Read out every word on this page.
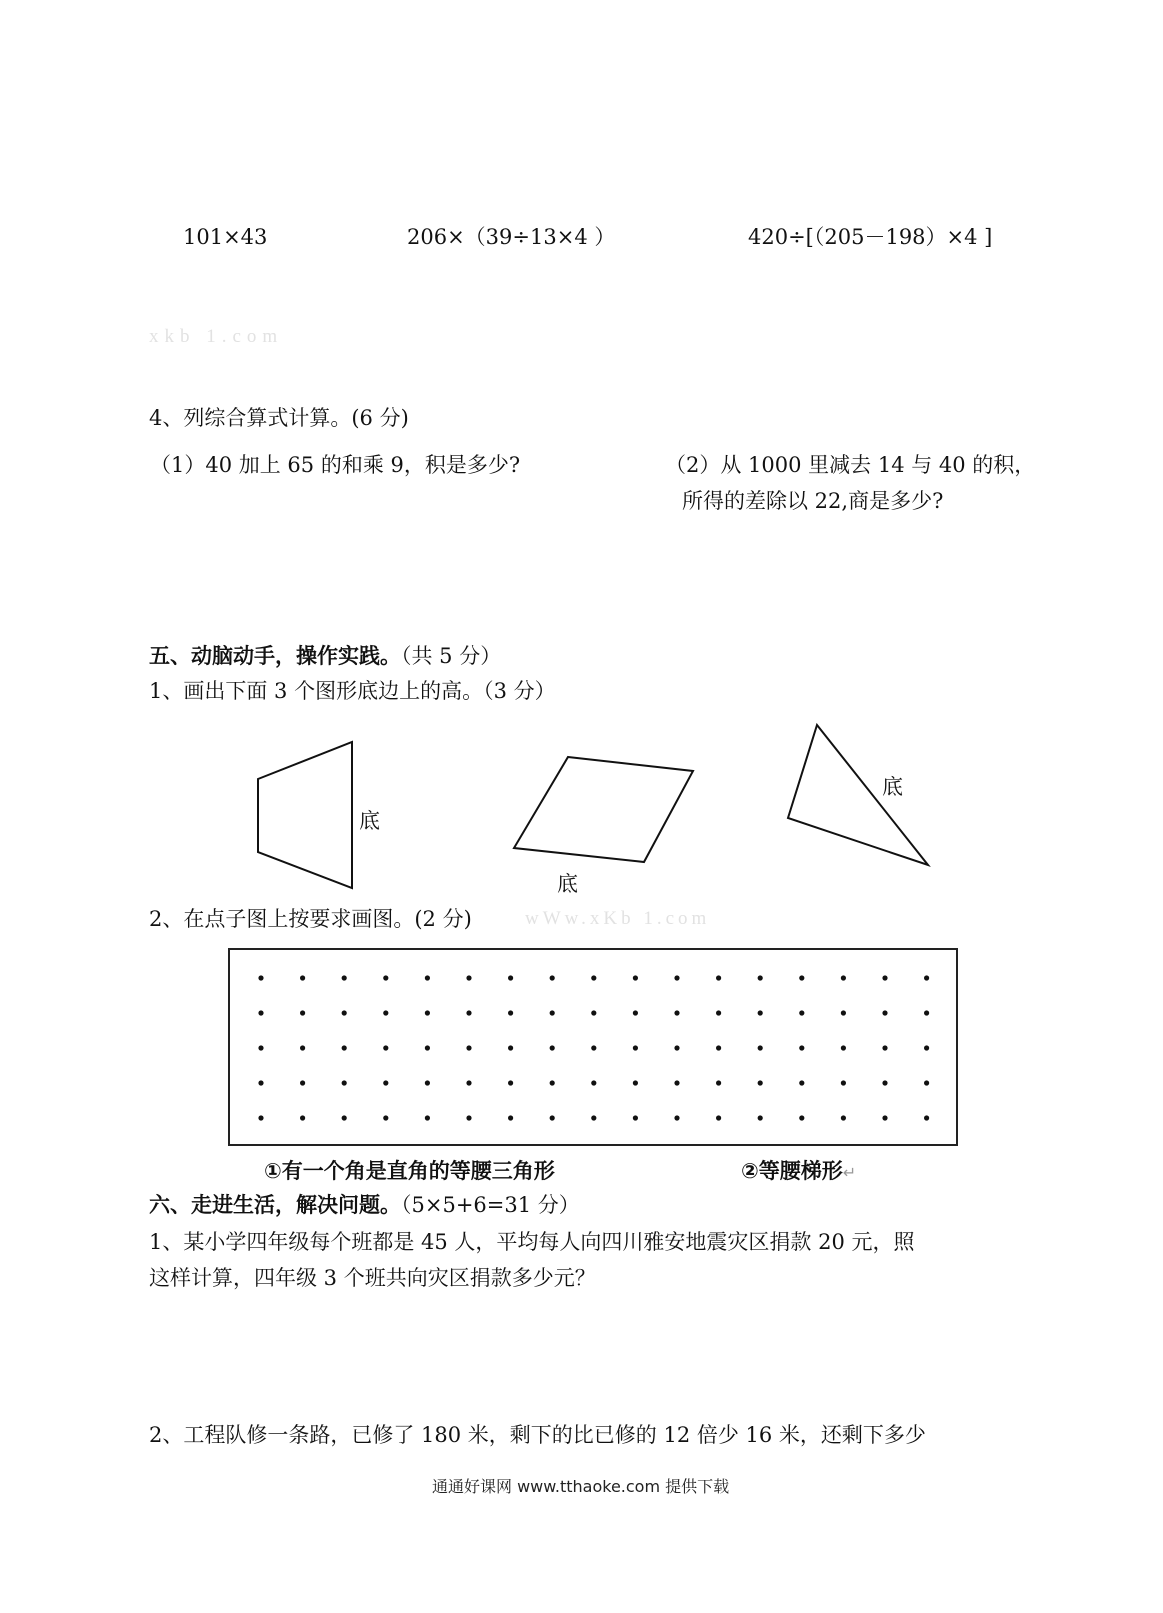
101×43	206×（39÷13×4 ）	420÷[（205－198）×4 ]
xkb 1.com
4、列综合算式计算。(6 分)
（1）40 加上 65 的和乘 9，积是多少?	（2）从 1000 里减去 14 与 40 的积，
所得的差除以 22,商是多少?
五、动脑动手，操作实践。（共 5 分）
1、画出下面 3 个图形底边上的高。（3 分）
底
底
底
2、在点子图上按要求画图。(2 分)	wWw.xKb 1.com
①有一个角是直角的等腰三角形	②等腰梯形↵
六、走进生活，解决问题。（5×5+6=31 分）
1、某小学四年级每个班都是 45 人，平均每人向四川雅安地震灾区捐款 20 元，照
这样计算，四年级 3 个班共向灾区捐款多少元？
2、工程队修一条路，已修了 180 米，剩下的比已修的 12 倍少 16 米，还剩下多少
通通好课网 www.tthaoke.com 提供下载
